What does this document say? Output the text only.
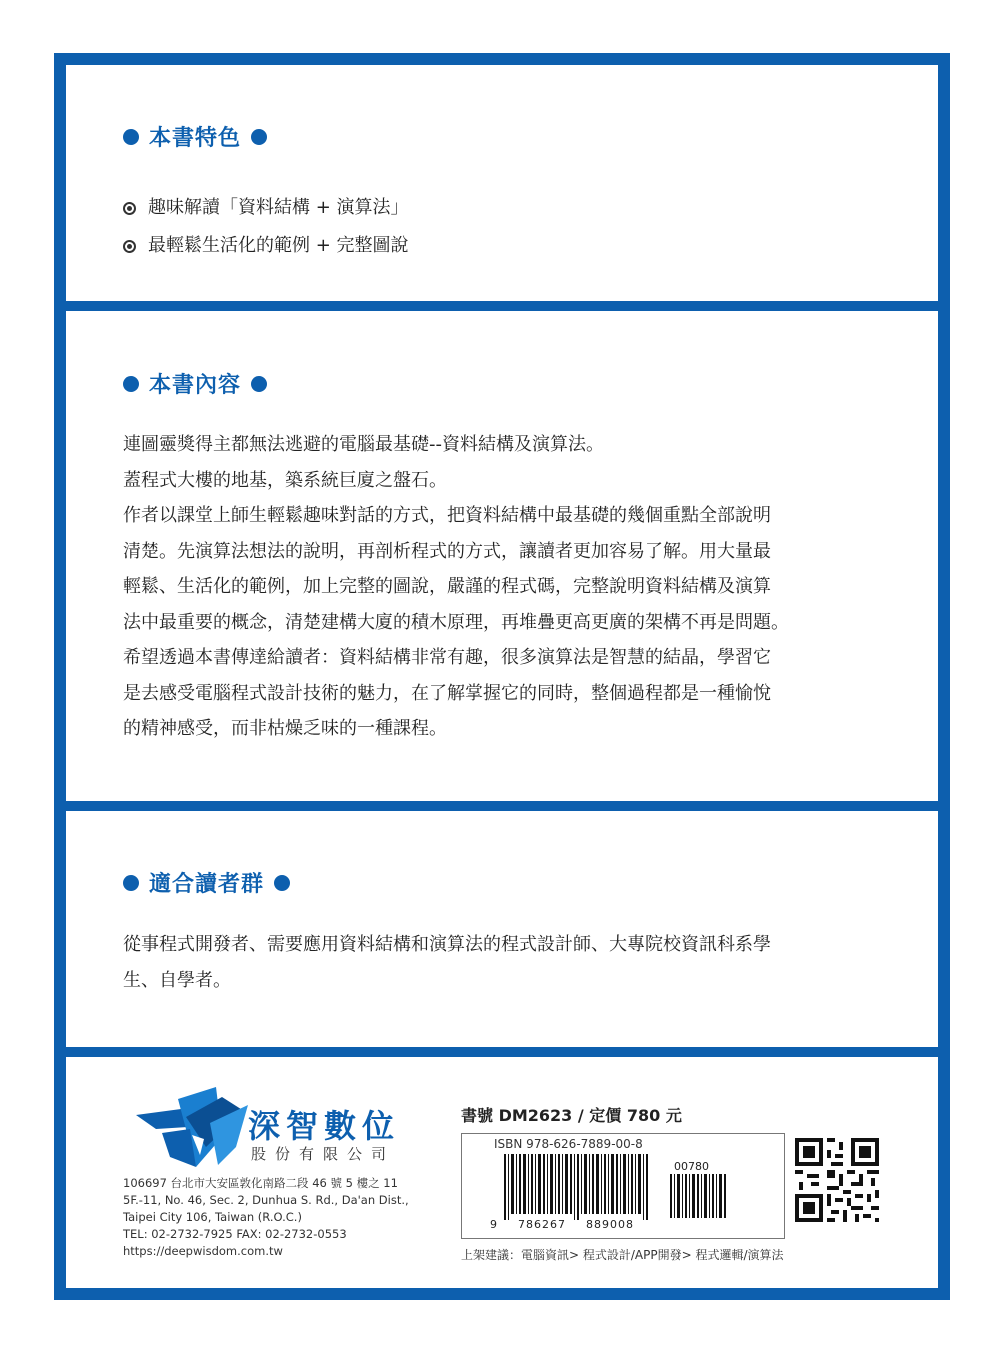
本書特色
趣味解讀「資料結構 + 演算法」
最輕鬆生活化的範例 + 完整圖說
本書內容

連圖靈獎得主都無法逃避的電腦最基礎--資料結構及演算法。

蓋程式大樓的地基，築系統巨廈之盤石。

作者以課堂上師生輕鬆趣味對話的方式，把資料結構中最基礎的幾個重點全部說明

清楚。先演算法想法的說明，再剖析程式的方式，讓讀者更加容易了解。用大量最

輕鬆、生活化的範例，加上完整的圖說，嚴謹的程式碼，完整說明資料結構及演算

法中最重要的概念，清楚建構大廈的積木原理，再堆疊更高更廣的架構不再是問題。

希望透過本書傳達給讀者：資料結構非常有趣，很多演算法是智慧的結晶，學習它

是去感受電腦程式設計技術的魅力，在了解掌握它的同時，整個過程都是一種愉悅

的精神感受，而非枯燥乏味的一種課程。

適合讀者群

從事程式開發者、需要應用資料結構和演算法的程式設計師、大專院校資訊科系學

生、自學者。

深智數位
股份有限公司
106697 台北市大安區敦化南路二段 46 號 5 樓之 11
5F.-11, No. 46, Sec. 2, Dunhua S. Rd., Da'an Dist.,
Taipei City 106, Taiwan (R.O.C.)
TEL: 02-2732-7925 FAX: 02-2732-0553
https://deepwisdom.com.tw
書號 DM2623 / 定價 780 元
ISBN 978-626-7889-00-8
00780
9 786267 889008
上架建議：電腦資訊> 程式設計/APP開發> 程式邏輯/演算法
